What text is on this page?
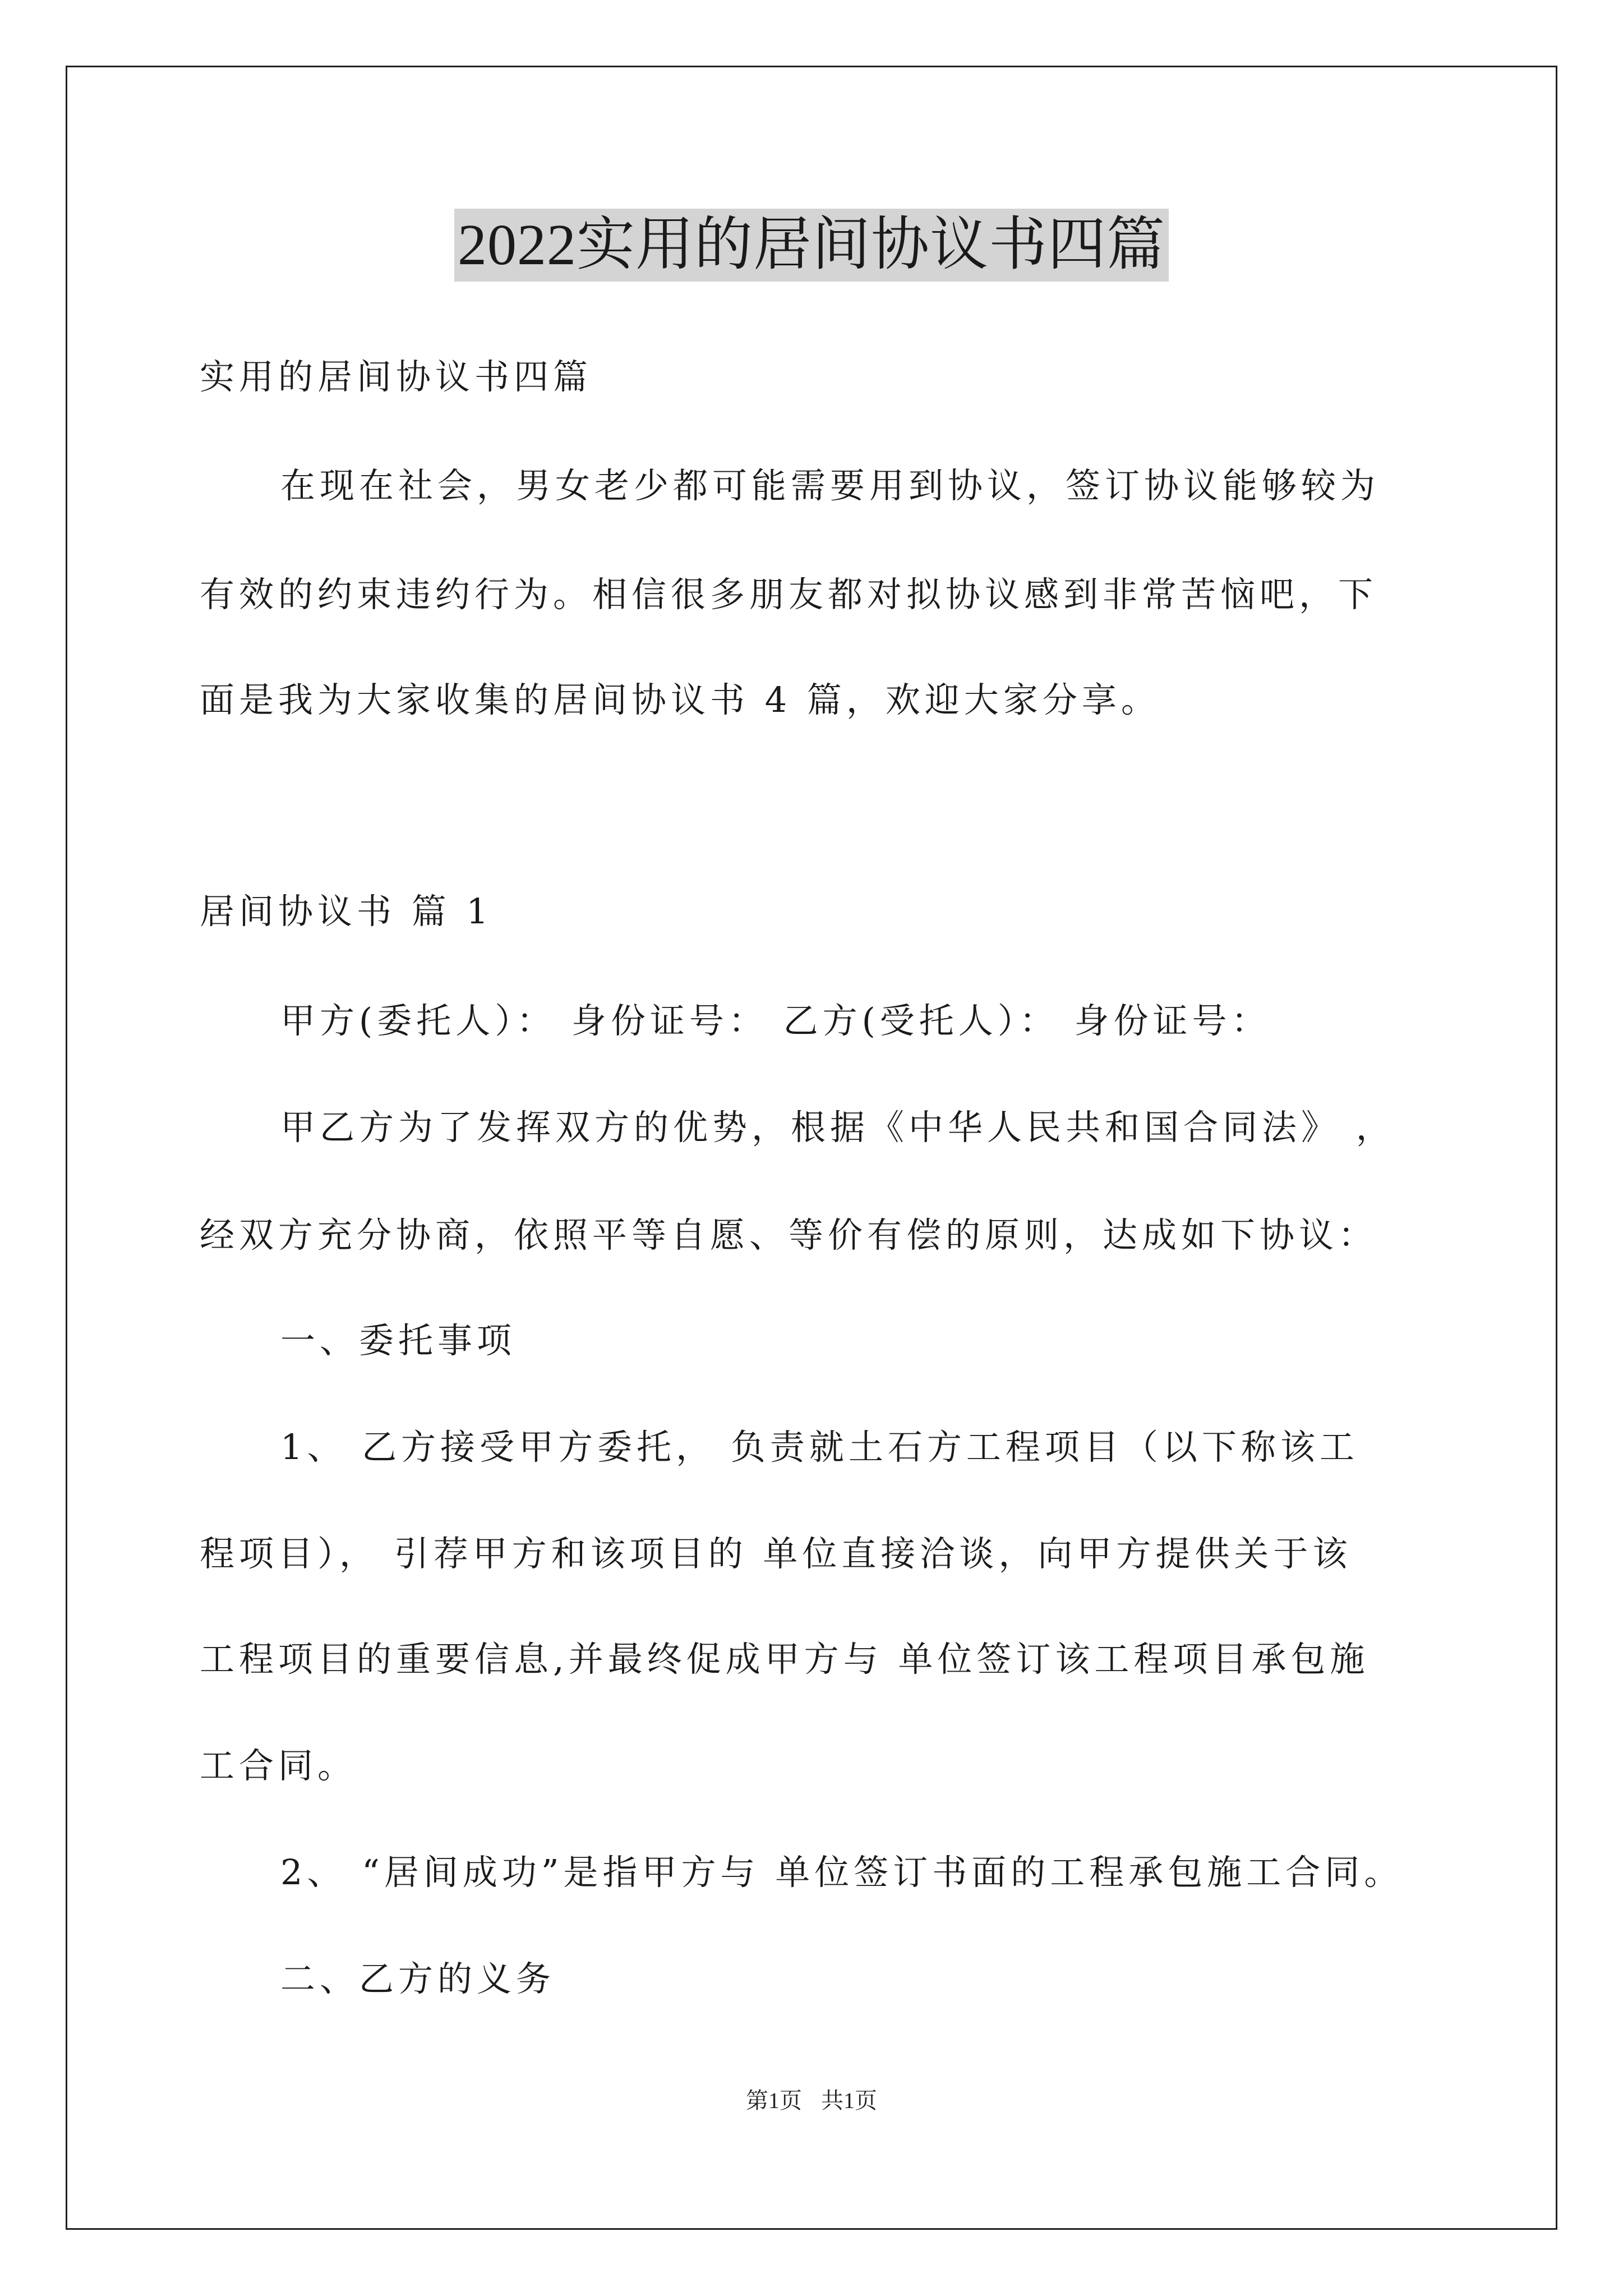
2022实用的居间协议书四篇
实用的居间协议书四篇
在现在社会，男女老少都可能需要用到协议，签订协议能够较为
有效的约束违约行为。相信很多朋友都对拟协议感到非常苦恼吧，下
面是我为大家收集的居间协议书 4 篇，欢迎大家分享。
居间协议书 篇 1
甲方(委托人）： 身份证号： 乙方(受托人）： 身份证号：
甲乙方为了发挥双方的优势，根据《中华人民共和国合同法》 ，
经双方充分协商，依照平等自愿、等价有偿的原则，达成如下协议：
一、委托事项
1、 乙方接受甲方委托， 负责就土石方工程项目（以下称该工
程项目）， 引荐甲方和该项目的 单位直接洽谈，向甲方提供关于该
工程项目的重要信息,并最终促成甲方与 单位签订该工程项目承包施
工合同。
2、 “居间成功”是指甲方与 单位签订书面的工程承包施工合同。
二、乙方的义务
第1页 共1页
